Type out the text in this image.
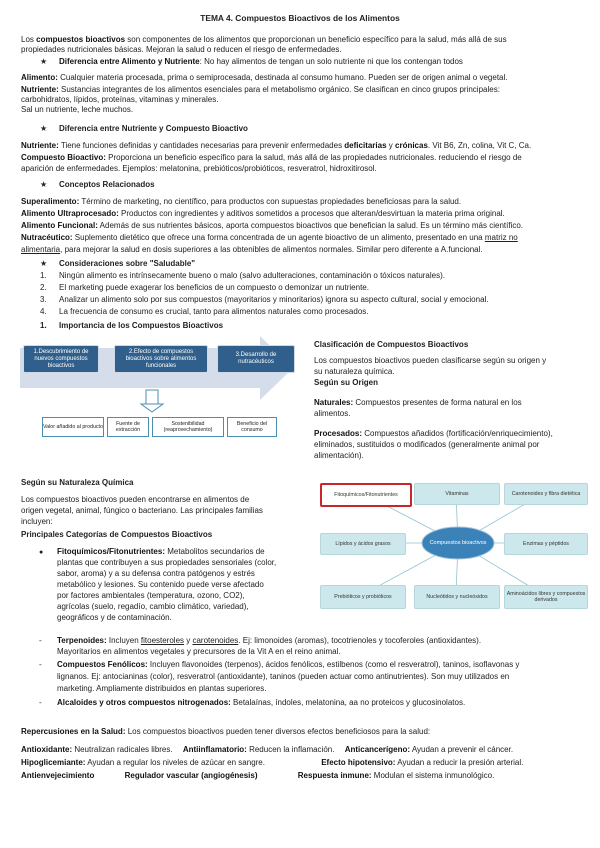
TEMA 4. Compuestos Bioactivos de los Alimentos
Los compuestos bioactivos son componentes de los alimentos que proporcionan un beneficio específico para la salud, más allá de sus
propiedades nutricionales básicas. Mejoran la salud o reducen el riesgo de enfermedades.
★ Diferencia entre Alimento y Nutriente: No hay alimentos de tengan un solo nutriente ni que los contengan todos
Alimento: Cualquier materia procesada, prima o semiprocesada, destinada al consumo humano. Pueden ser de origen animal o vegetal.
Nutriente: Sustancias integrantes de los alimentos esenciales para el metabolismo orgánico. Se clasifican en cinco grupos principales:
carbohidratos, lípidos, proteínas, vitaminas y minerales.
Sal un nutriente, leche muchos.
★ Diferencia entre Nutriente y Compuesto Bioactivo
Nutriente: Tiene funciones definidas y cantidades necesarias para prevenir enfermedades deficitarias y crónicas. Vit B6, Zn, colina, Vit C, Ca.
Compuesto Bioactivo: Proporciona un beneficio específico para la salud, más allá de las propiedades nutricionales. reduciendo el riesgo de
aparición de enfermedades. Ejemplos: melatonina, prebióticos/probióticos, resveratrol, hidroxitirosol.
★ Conceptos Relacionados
Superalimento: Término de marketing, no científico, para productos con supuestas propiedades beneficiosas para la salud.
Alimento Ultraprocesado: Productos con ingredientes y aditivos sometidos a procesos que alteran/desvirtuan la materia prima original.
Alimento Funcional: Además de sus nutrientes básicos, aporta compuestos bioactivos que benefician la salud. Es un término más científico.
Nutracéutico: Suplemento dietético que ofrece una forma concentrada de un agente bioactivo de un alimento, presentado en una matriz no
alimentaria, para mejorar la salud en dosis superiores a las obtenibles de alimentos normales. Similar pero diferente a A.funcional.
★ Consideraciones sobre "Saludable"
1. Ningún alimento es intrínsecamente bueno o malo (salvo adulteraciones, contaminación o tóxicos naturales).
2. El marketing puede exagerar los beneficios de un compuesto o demonizar un nutriente.
3. Analizar un alimento solo por sus compuestos (mayoritarios y minoritarios) ignora su aspecto cultural, social y emocional.
4. La frecuencia de consumo es crucial, tanto para alimentos naturales como procesados.
1. Importancia de los Compuestos Bioactivos
1.Descubrimiento de nuevos compuestos bioactivos
2.Efecto de compuestos bioactivos sobre alimentos funcionales
3.Desarrollo de nutracéuticos
Valor añadido al producto	Fuente de extracción
Sostenibilidad (reaprovechamiento)
Beneficio del consumo
Clasificación de Compuestos Bioactivos
Los compuestos bioactivos pueden clasificarse según su origen y
su naturaleza química.
Según su Origen
Naturales: Compuestos presentes de forma natural en los
alimentos.
Procesados: Compuestos añadidos (fortificación/enriquecimiento),
eliminados, sustituidos o modificados (generalmente animal por
alimentación).
Según su Naturaleza Química
Los compuestos bioactivos pueden encontrarse en alimentos de
origen vegetal, animal, fúngico o bacteriano. Las principales familias
incluyen:
Principales Categorías de Compuestos Bioactivos
Compuestos bioactivos
Fitoquímicos/Fitonutrientes	Vitaminas	Carotenoides y fibra dietética
Lípidos y ácidos grasos	Enzimas y péptidos
Prebióticos y probióticos	Nucleótidos y nucleósidos
Aminoácidos libres y compuestos derivados
● Fitoquímicos/Fitonutrientes: Metabolitos secundarios de
plantas que contribuyen a sus propiedades sensoriales (color,
sabor, aroma) y a su defensa contra patógenos y estrés
metabólico y lesiones. Su contenido puede verse afectado
por factores ambientales (temperatura, ozono, CO2),
agrícolas (suelo, regadío, cambio climático, variedad),
geográficos y de contaminación.
- Terpenoides: Incluyen fitoesteroles y carotenoides. Ej: limonoides (aromas), tocotrienoles y tocoferoles (antioxidantes).
Mayoritarios en alimentos vegetales y precursores de la Vit A en el reino animal.
- Compuestos Fenólicos: Incluyen flavonoides (terpenos), ácidos fenólicos, estilbenos (como el resveratrol), taninos, isoflavonas y
lignanos. Ej: antocianinas (color), resveratrol (antioxidante), taninos (pueden actuar como antinutrientes). Son muy utilizados en
marketing. Ampliamente distribuidos en plantas superiores.
- Alcaloides y otros compuestos nitrogenados: Betalaínas, índoles, melatonina, aa no proteicos y glucosinolatos.
Repercusiones en la Salud: Los compuestos bioactivos pueden tener diversos efectos beneficiosos para la salud:
Antioxidante: Neutralizan radicales libres. Antiinflamatorio: Reducen la inflamación. Anticancerígeno: Ayudan a prevenir el cáncer.
Hipoglicemiante: Ayudan a regular los niveles de azúcar en sangre.	Efecto hipotensivo: Ayudan a reducir la presión arterial.
Antienvejecimiento	Regulador vascular (angiogénesis)	Respuesta inmune: Modulan el sistema inmunológico.
